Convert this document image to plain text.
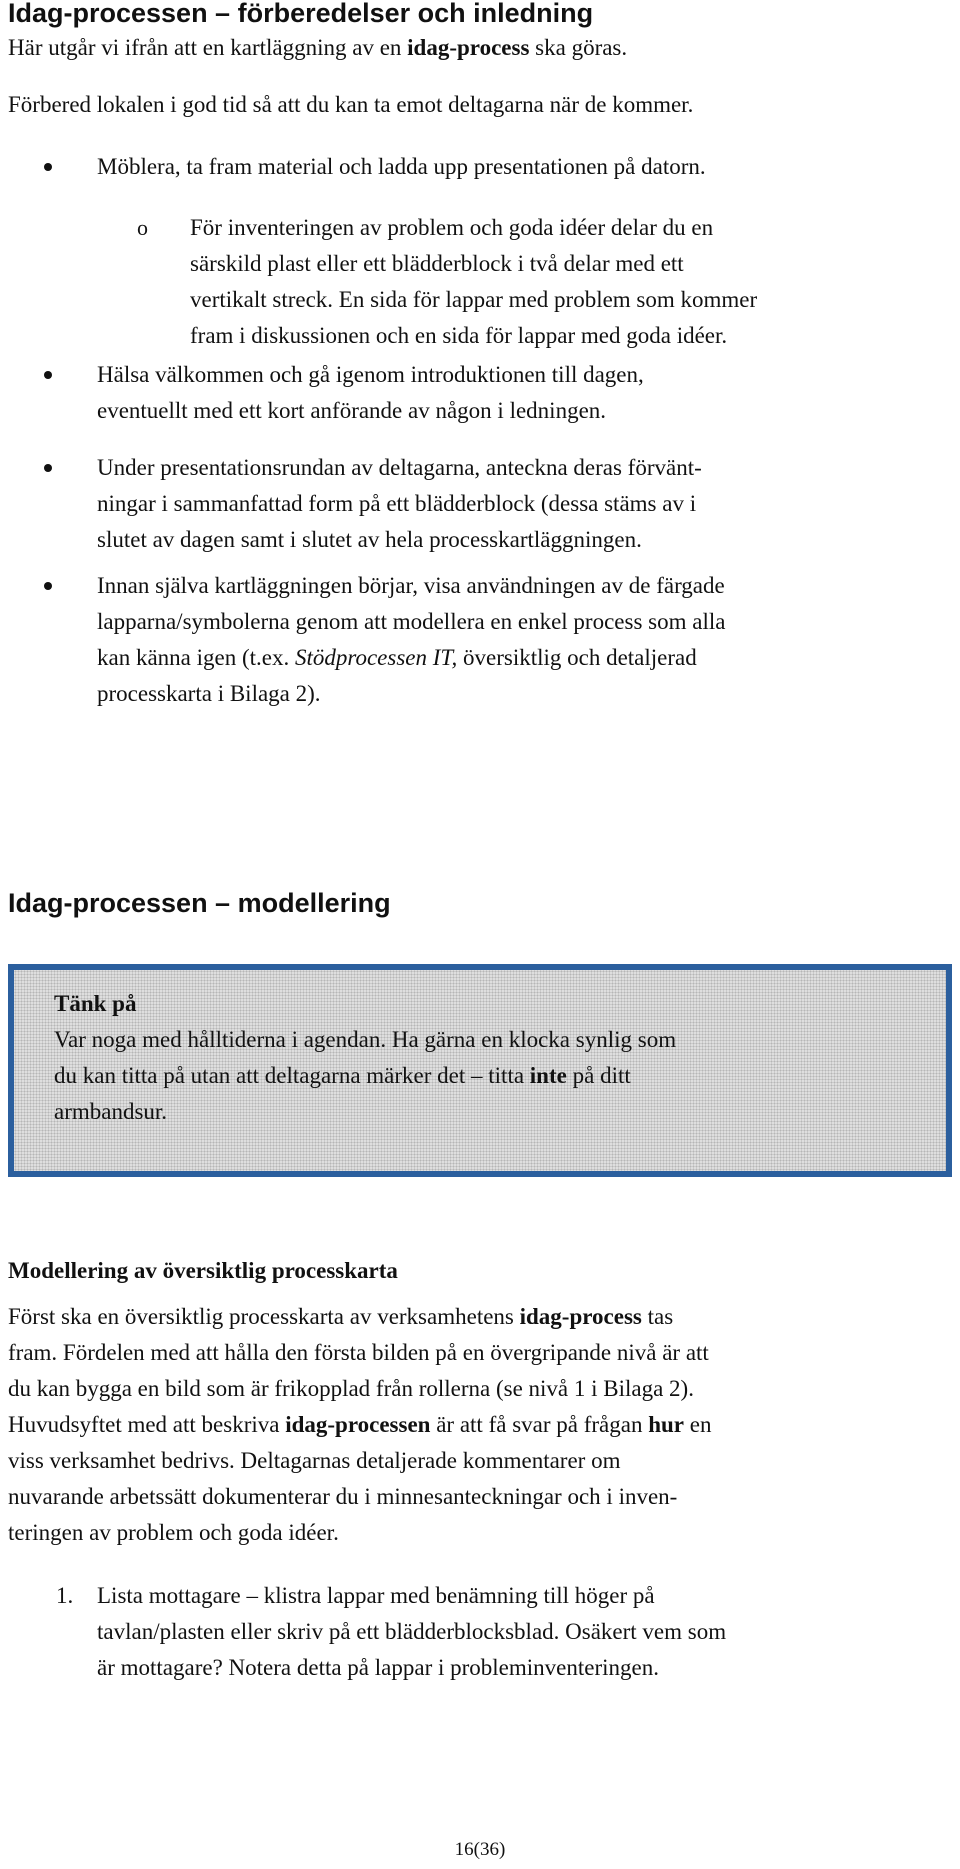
Idag-processen – förberedelser och inledning

Här utgår vi ifrån att en kartläggning av en idag-process ska göras.

Förbered lokalen i god tid så att du kan ta emot deltagarna när de kommer.

Möblera, ta fram material och ladda upp presentationen på datorn.

o För inventeringen av problem och goda idéer delar du en
särskild plast eller ett blädderblock i två delar med ett
vertikalt streck. En sida för lappar med problem som kommer
fram i diskussionen och en sida för lappar med goda idéer.
Hälsa välkommen och gå igenom introduktionen till dagen,
eventuellt med ett kort anförande av någon i ledningen.
Under presentationsrundan av deltagarna, anteckna deras förvänt-
ningar i sammanfattad form på ett blädderblock (dessa stäms av i
slutet av dagen samt i slutet av hela processkartläggningen.
Innan själva kartläggningen börjar, visa användningen av de färgade
lapparna/symbolerna genom att modellera en enkel process som alla
kan känna igen (t.ex. Stödprocessen IT, översiktlig och detaljerad
processkarta i Bilaga 2).
Idag-processen – modellering

Tänk på

Var noga med hålltiderna i agendan. Ha gärna en klocka synlig som
du kan titta på utan att deltagarna märker det – titta inte på ditt
armbandsur.

Modellering av översiktlig processkarta

Först ska en översiktlig processkarta av verksamhetens idag-process tas
fram. Fördelen med att hålla den första bilden på en övergripande nivå är att
du kan bygga en bild som är frikopplad från rollerna (se nivå 1 i Bilaga 2).
Huvudsyftet med att beskriva idag-processen är att få svar på frågan hur en
viss verksamhet bedrivs. Deltagarnas detaljerade kommentarer om
nuvarande arbetssätt dokumenterar du i minnesanteckningar och i inven-
teringen av problem och goda idéer.
1. Lista mottagare – klistra lappar med benämning till höger på
tavlan/plasten eller skriv på ett blädderblocksblad. Osäkert vem som
är mottagare? Notera detta på lappar i probleminventeringen.
16(36)
